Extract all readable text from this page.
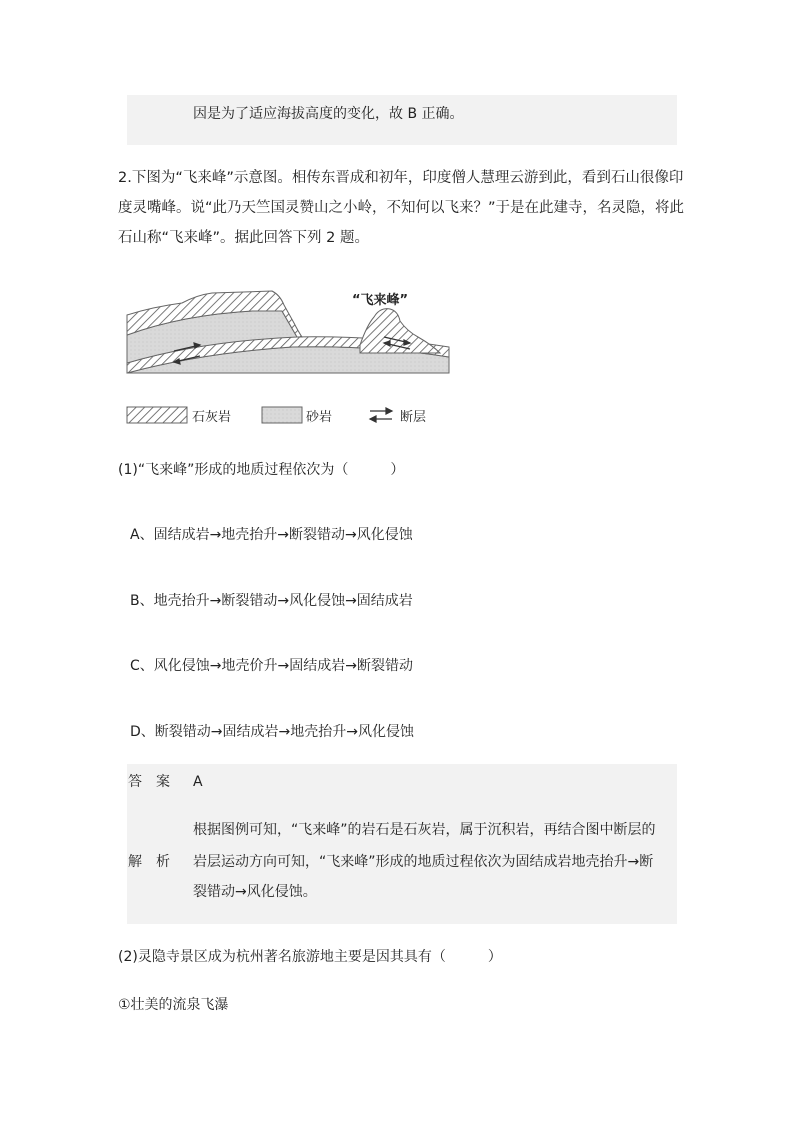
因是为了适应海拔高度的变化，故 B 正确。
2.下图为“飞来峰”示意图。相传东晋成和初年，印度僧人慧理云游到此，看到石山很像印
度灵嘴峰。说“此乃天竺国灵赞山之小岭，不知何以飞来？”于是在此建寺，名灵隐，将此
石山称“飞来峰”。据此回答下列 2 题。
“飞来峰”
石灰岩	砂岩	断层
(1)“飞来峰”形成的地质过程依次为（　　　）
A、固结成岩→地壳抬升→断裂错动→风化侵蚀
B、地壳抬升→断裂错动→风化侵蚀→固结成岩
C、风化侵蚀→地壳价升→固结成岩→断裂错动
D、断裂错动→固结成岩→地壳抬升→风化侵蚀
答　案 A
解　析
根据图例可知，“飞来峰”的岩石是石灰岩，属于沉积岩，再结合图中断层的
岩层运动方向可知，“飞来峰”形成的地质过程依次为固结成岩地壳抬升→断
裂错动→风化侵蚀。
(2)灵隐寺景区成为杭州著名旅游地主要是因其具有（　　　）
①壮美的流泉飞瀑
